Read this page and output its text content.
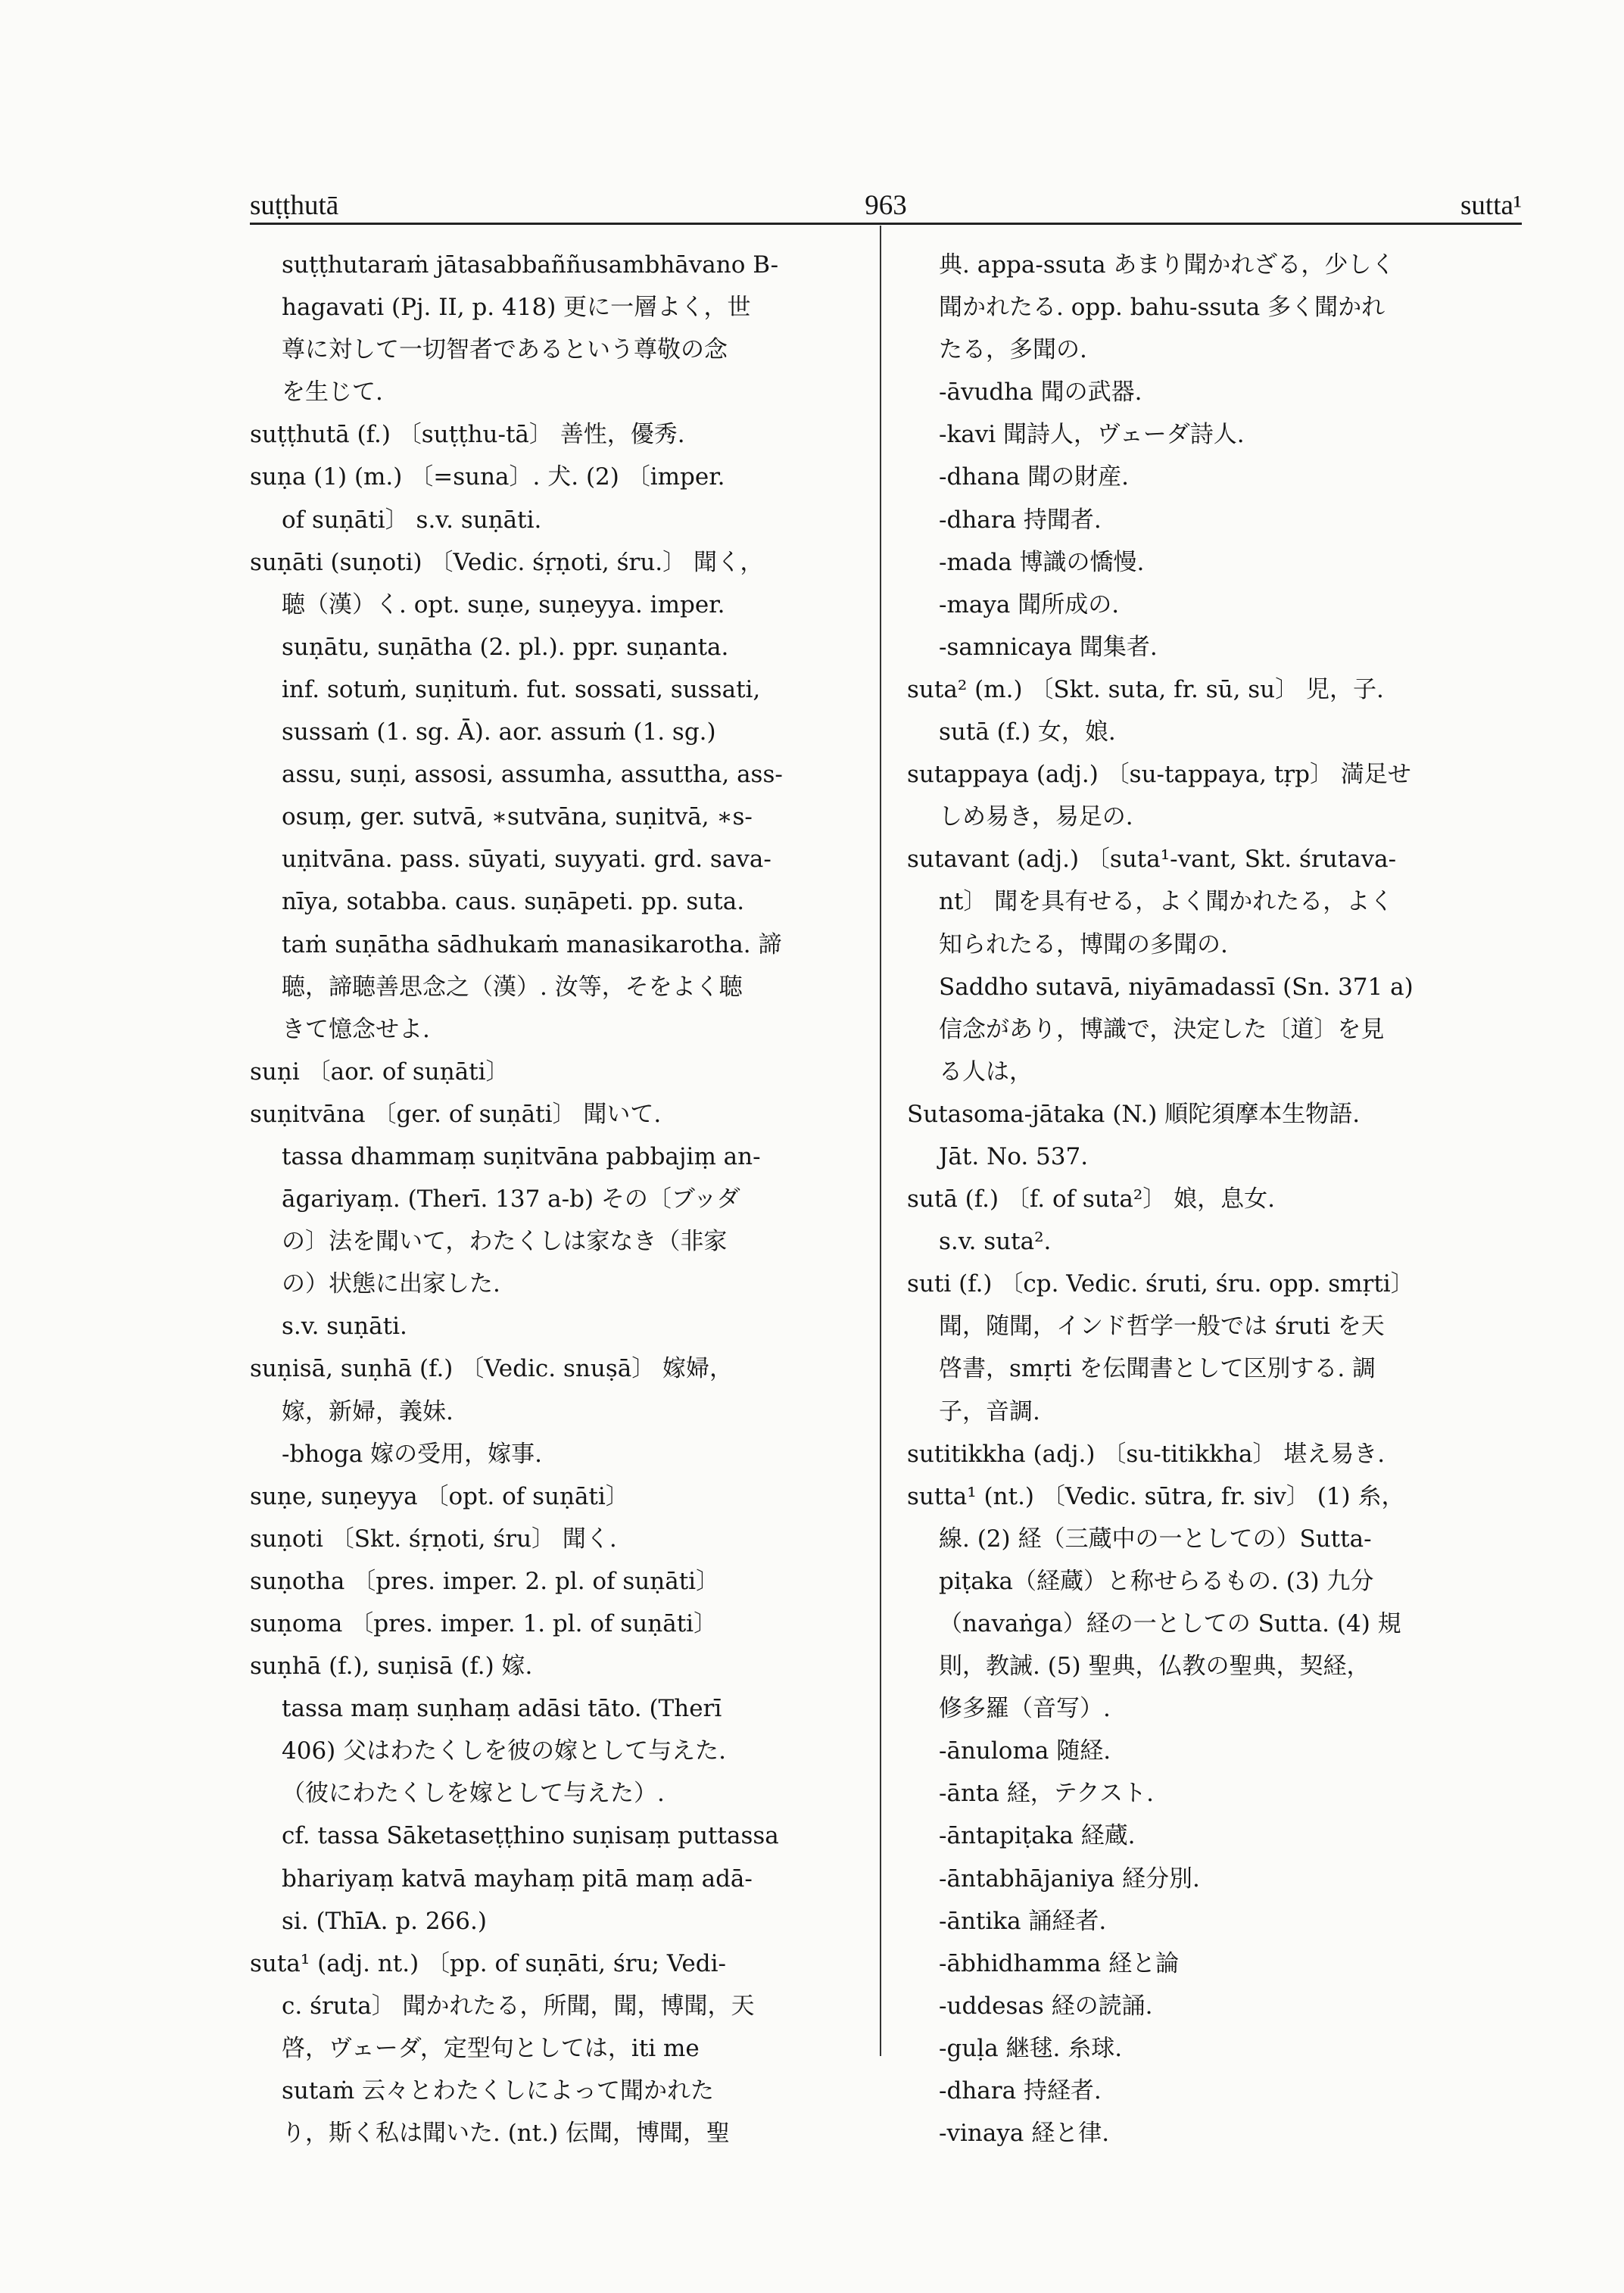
suṭṭhutā	963	sutta¹
suṭṭhutaraṁ jātasabbaññusambhāvano B-
hagavati (Pj. II, p. 418) 更に一層よく，世
尊に対して一切智者であるという尊敬の念
を生じて.
suṭṭhutā (f.) 〔suṭṭhu-tā〕 善性，優秀.
suṇa (1) (m.) 〔=suna〕. 犬. (2) 〔imper.
of suṇāti〕 s.v. suṇāti.
suṇāti (suṇoti) 〔Vedic. śṛṇoti, śru.〕 聞く，
聴（漢）く. opt. suṇe, suṇeyya. imper.
suṇātu, suṇātha (2. pl.). ppr. suṇanta.
inf. sotuṁ, suṇituṁ. fut. sossati, sussati,
sussaṁ (1. sg. Ā). aor. assuṁ (1. sg.)
assu, suṇi, assosi, assumha, assuttha, ass-
osuṃ, ger. sutvā, ∗sutvāna, suṇitvā, ∗s-
uṇitvāna. pass. sūyati, suyyati. grd. sava-
nīya, sotabba. caus. suṇāpeti. pp. suta.
taṁ suṇātha sādhukaṁ manasikarotha. 諦
聴，諦聴善思念之（漢）. 汝等，そをよく聴
きて憶念せよ.
suṇi 〔aor. of suṇāti〕
suṇitvāna 〔ger. of suṇāti〕 聞いて.
tassa dhammaṃ suṇitvāna pabbajiṃ an-
āgariyaṃ. (Therī. 137 a-b) その〔ブッダ
の〕法を聞いて，わたくしは家なき（非家
の）状態に出家した.
s.v. suṇāti.
suṇisā, suṇhā (f.) 〔Vedic. snuṣā〕 嫁婦，
嫁，新婦，義妹.
-bhoga 嫁の受用，嫁事.
suṇe, suṇeyya 〔opt. of suṇāti〕
suṇoti 〔Skt. śṛṇoti, śru〕 聞く.
suṇotha 〔pres. imper. 2. pl. of suṇāti〕
suṇoma 〔pres. imper. 1. pl. of suṇāti〕
suṇhā (f.), suṇisā (f.) 嫁.
tassa maṃ suṇhaṃ adāsi tāto. (Therī
406) 父はわたくしを彼の嫁として与えた.
（彼にわたくしを嫁として与えた）.
cf. tassa Sāketaseṭṭhino suṇisaṃ puttassa
bhariyaṃ katvā mayhaṃ pitā maṃ adā-
si. (ThīA. p. 266.)
suta¹ (adj. nt.) 〔pp. of suṇāti, śru; Vedi-
c. śruta〕 聞かれたる，所聞，聞，博聞，天
啓，ヴェーダ，定型句としては，iti me
sutaṁ 云々とわたくしによって聞かれた
り，斯く私は聞いた. (nt.) 伝聞，博聞，聖
典. appa-ssuta あまり聞かれざる，少しく
聞かれたる. opp. bahu-ssuta 多く聞かれ
たる，多聞の.
-āvudha 聞の武器.
-kavi 聞詩人，ヴェーダ詩人.
-dhana 聞の財産.
-dhara 持聞者.
-mada 博識の憍慢.
-maya 聞所成の.
-samnicaya 聞集者.
suta² (m.) 〔Skt. suta, fr. sū, su〕 児，子.
sutā (f.) 女，娘.
sutappaya (adj.) 〔su-tappaya, tṛp〕 満足せ
しめ易き，易足の.
sutavant (adj.) 〔suta¹-vant, Skt. śrutava-
nt〕 聞を具有せる，よく聞かれたる，よく
知られたる，博聞の多聞の.
Saddho sutavā, niyāmadassī (Sn. 371 a)
信念があり，博識で，決定した〔道〕を見
る人は，
Sutasoma-jātaka (N.) 順陀須摩本生物語.
Jāt. No. 537.
sutā (f.) 〔f. of suta²〕 娘，息女.
s.v. suta².
suti (f.) 〔cp. Vedic. śruti, śru. opp. smṛti〕
聞，随聞，インド哲学一般では śruti を天
啓書，smṛti を伝聞書として区別する. 調
子，音調.
sutitikkha (adj.) 〔su-titikkha〕 堪え易き.
sutta¹ (nt.) 〔Vedic. sūtra, fr. siv〕 (1) 糸，
線. (2) 経（三蔵中の一としての）Sutta-
piṭaka（経蔵）と称せらるもの. (3) 九分
（navaṅga）経の一としての Sutta. (4) 規
則，教誡. (5) 聖典，仏教の聖典，契経，
修多羅（音写）.
-ānuloma 随経.
-ānta 経，テクスト.
-āntapiṭaka 経蔵.
-āntabhājaniya 経分別.
-āntika 誦経者.
-ābhidhamma 経と論
-uddesas 経の読誦.
-guḷa 継毬. 糸球.
-dhara 持経者.
-vinaya 経と律.
